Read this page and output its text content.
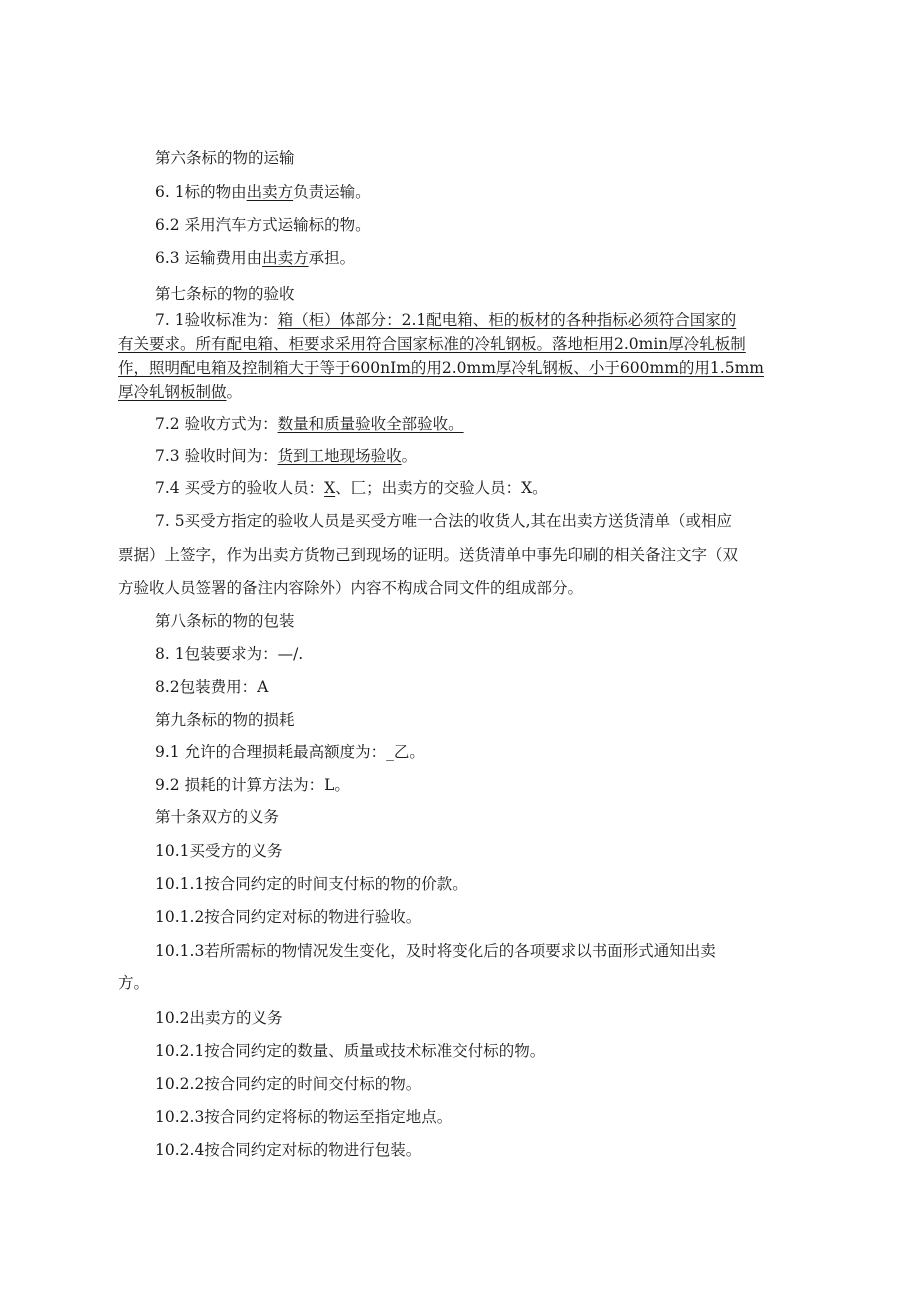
第六条标的物的运输
6. 1标的物由出卖方负责运输。
6.2 采用汽车方式运输标的物。
6.3 运输费用由出卖方承担。
第七条标的物的验收
7. 1验收标准为：箱（柜）体部分：2.1配电箱、柜的板材的各种指标必须符合国家的
有关要求。所有配电箱、柜要求采用符合国家标准的冷轧钢板。落地柜用2.0min厚冷轧板制
作，照明配电箱及控制箱大于等于600nIm的用2.0mm厚冷轧钢板、小于600mm的用1.5mm
厚冷轧钢板制做。
7.2 验收方式为：数量和质量验收全部验收。
7.3 验收时间为：货到工地现场验收。
7.4 买受方的验收人员：X、匚；出卖方的交验人员：X。
7. 5买受方指定的验收人员是买受方唯一合法的收货人,其在出卖方送货清单（或相应
票据）上签字，作为出卖方货物己到现场的证明。送货清单中事先印刷的相关备注文字（双
方验收人员签署的备注内容除外）内容不构成合同文件的组成部分。
第八条标的物的包装
8. 1包装要求为：—/.
8.2包装费用：A
第九条标的物的损耗
9.1 允许的合理损耗最高额度为：_乙。
9.2 损耗的计算方法为：L。
第十条双方的义务
10.1买受方的义务
10.1.1按合同约定的时间支付标的物的价款。
10.1.2按合同约定对标的物进行验收。
10.1.3若所需标的物情况发生变化，及时将变化后的各项要求以书面形式通知出卖
方。
10.2出卖方的义务
10.2.1按合同约定的数量、质量或技术标准交付标的物。
10.2.2按合同约定的时间交付标的物。
10.2.3按合同约定将标的物运至指定地点。
10.2.4按合同约定对标的物进行包装。
